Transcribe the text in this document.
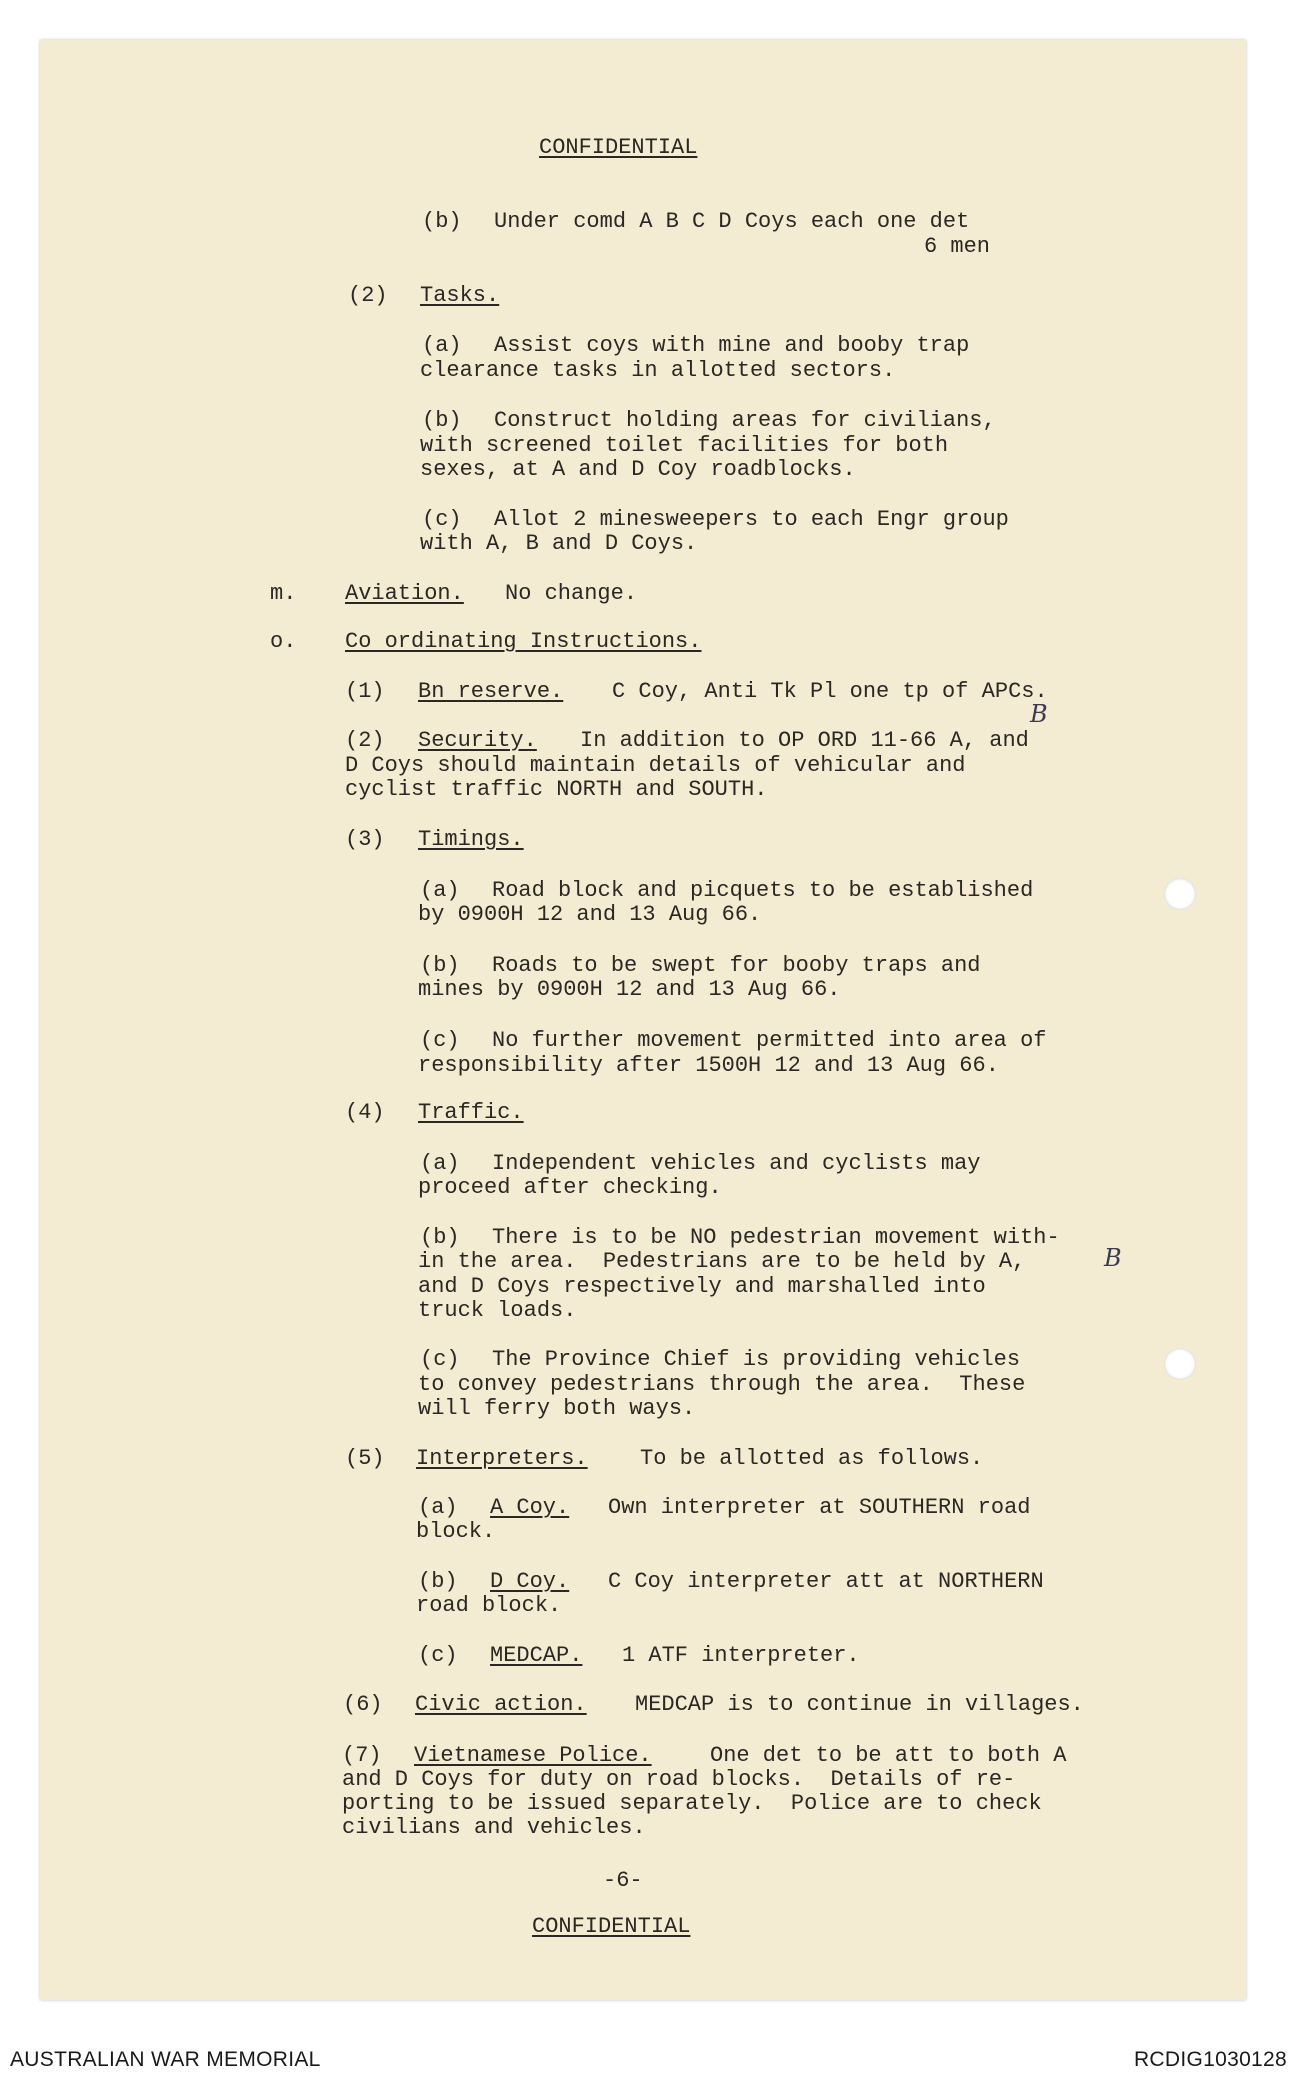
CONFIDENTIAL
(b) Under comd A B C D Coys each one det
6 men
(2) Tasks.
(a) Assist coys with mine and booby trap
clearance tasks in allotted sectors.
(b) Construct holding areas for civilians,
with screened toilet facilities for both
sexes, at A and D Coy roadblocks.
(c) Allot 2 minesweepers to each Engr group
with A, B and D Coys.
m. Aviation. No change.
o. Co ordinating Instructions.
(1) Bn reserve. C Coy, Anti Tk Pl one tp of APCs.
(2) Security. In addition to OP ORD 11-66 A, and
D Coys should maintain details of vehicular and
cyclist traffic NORTH and SOUTH.
B
(3) Timings.
(a) Road block and picquets to be established
by 0900H 12 and 13 Aug 66.
(b) Roads to be swept for booby traps and
mines by 0900H 12 and 13 Aug 66.
(c) No further movement permitted into area of
responsibility after 1500H 12 and 13 Aug 66.
(4) Traffic.
(a) Independent vehicles and cyclists may
proceed after checking.
(b) There is to be NO pedestrian movement with-
in the area.  Pedestrians are to be held by A,
and D Coys respectively and marshalled into
truck loads.
B
(c) The Province Chief is providing vehicles
to convey pedestrians through the area.  These
will ferry both ways.
(5) Interpreters. To be allotted as follows.
(a) A Coy. Own interpreter at SOUTHERN road
block.
(b) D Coy. C Coy interpreter att at NORTHERN
road block.
(c) MEDCAP. 1 ATF interpreter.
(6) Civic action. MEDCAP is to continue in villages.
(7) Vietnamese Police.	One det to be att to both A
and D Coys for duty on road blocks.  Details of re-
porting to be issued separately.  Police are to check
civilians and vehicles.
-6-
CONFIDENTIAL
AUSTRALIAN WAR MEMORIAL	RCDIG1030128
